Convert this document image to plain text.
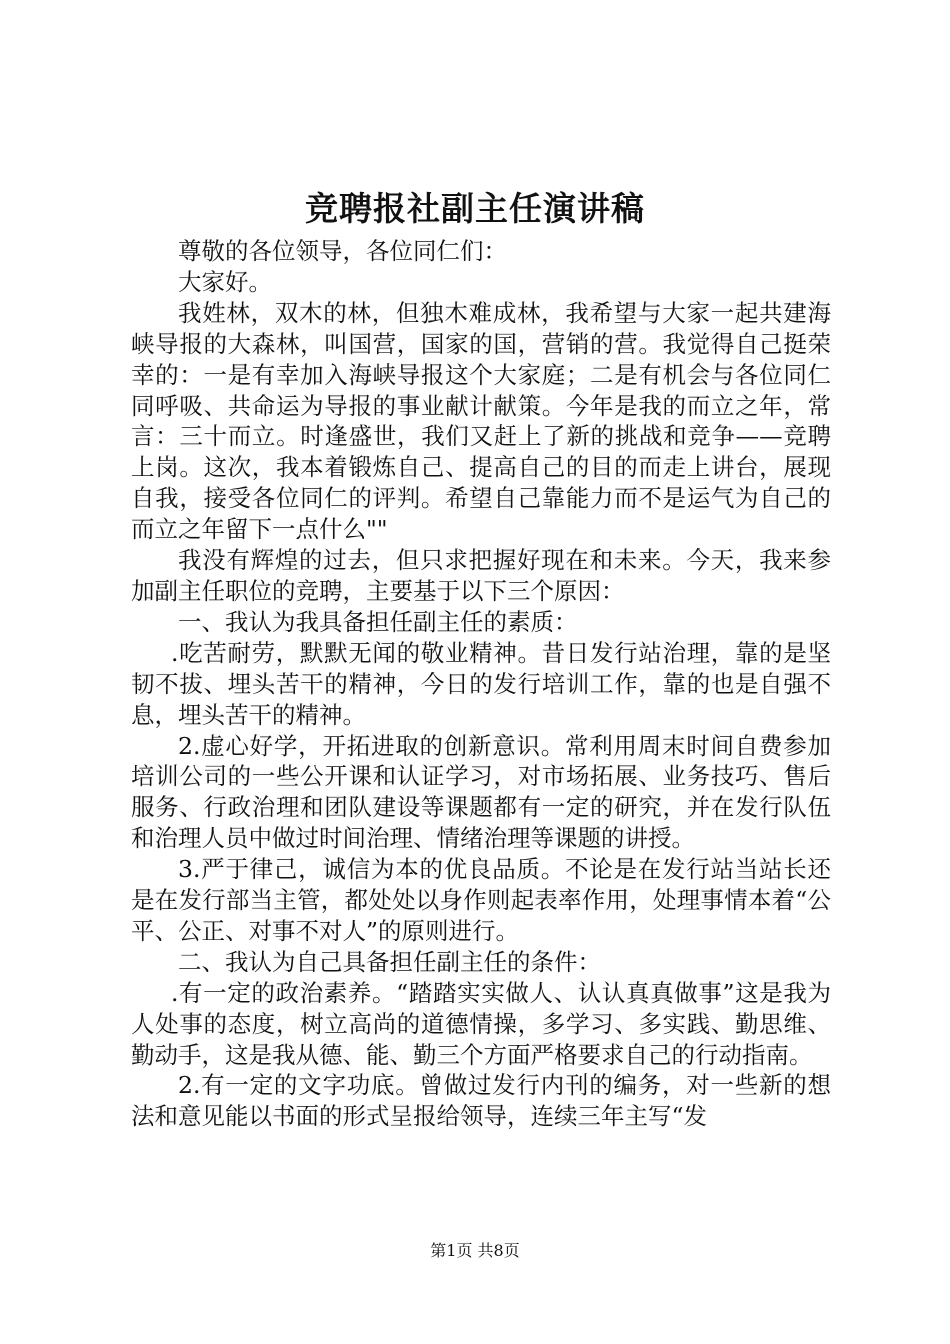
竞聘报社副主任演讲稿

尊敬的各位领导，各位同仁们：

大家好。

我姓林，双木的林，但独木难成林，我希望与大家一起共建海峡导报的大森林，叫国营，国家的国，营销的营。我觉得自己挺荣幸的：一是有幸加入海峡导报这个大家庭；二是有机会与各位同仁同呼吸、共命运为导报的事业献计献策。今年是我的而立之年，常言：三十而立。时逢盛世，我们又赶上了新的挑战和竞争——竞聘上岗。这次，我本着锻炼自己、提高自己的目的而走上讲台，展现自我，接受各位同仁的评判。希望自己靠能力而不是运气为自己的而立之年留下一点什么""

我没有辉煌的过去，但只求把握好现在和未来。今天，我来参加副主任职位的竞聘，主要基于以下三个原因：

一、我认为我具备担任副主任的素质：

.吃苦耐劳，默默无闻的敬业精神。昔日发行站治理，靠的是坚韧不拔、埋头苦干的精神，今日的发行培训工作，靠的也是自强不息，埋头苦干的精神。

2.虚心好学，开拓进取的创新意识。常利用周末时间自费参加培训公司的一些公开课和认证学习，对市场拓展、业务技巧、售后服务、行政治理和团队建设等课题都有一定的研究，并在发行队伍和治理人员中做过时间治理、情绪治理等课题的讲授。

3.严于律己，诚信为本的优良品质。不论是在发行站当站长还是在发行部当主管，都处处以身作则起表率作用，处理事情本着“公平、公正、对事不对人”的原则进行。

二、我认为自己具备担任副主任的条件：

.有一定的政治素养。“踏踏实实做人、认认真真做事”这是我为人处事的态度，树立高尚的道德情操，多学习、多实践、勤思维、勤动手，这是我从德、能、勤三个方面严格要求自己的行动指南。

2.有一定的文字功底。曾做过发行内刊的编务，对一些新的想法和意见能以书面的形式呈报给领导，连续三年主写“发

第1页 共8页
